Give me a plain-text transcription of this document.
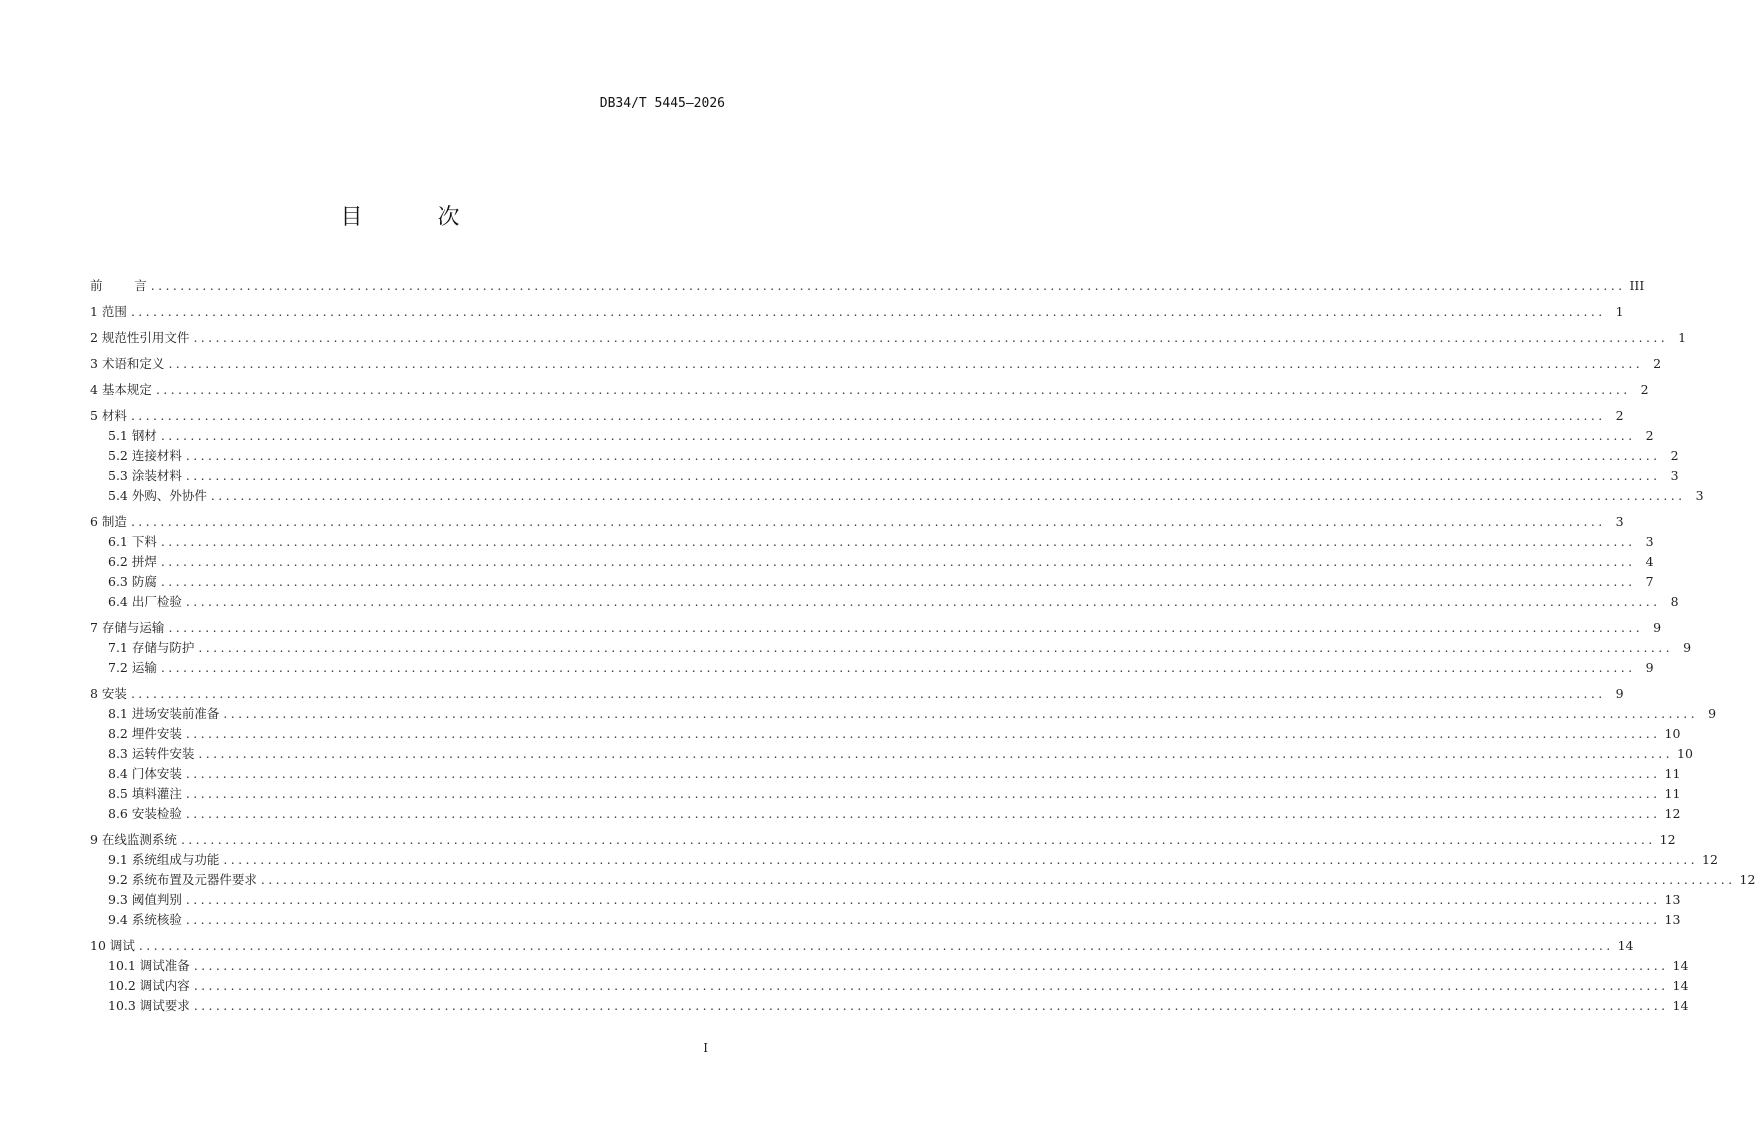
DB34/T 5445—2026
目 次
前        言 ........................................................................................................................................................................................................ III
1 范围 ........................................................................................................................................................................................................ 1
2 规范性引用文件 ........................................................................................................................................................................................................ 1
3 术语和定义 ........................................................................................................................................................................................................ 2
4 基本规定 ........................................................................................................................................................................................................ 2
5 材料 ........................................................................................................................................................................................................ 2
5.1 钢材 ........................................................................................................................................................................................................ 2
5.2 连接材料 ........................................................................................................................................................................................................ 2
5.3 涂装材料 ........................................................................................................................................................................................................ 3
5.4 外购、外协件 ........................................................................................................................................................................................................ 3
6 制造 ........................................................................................................................................................................................................ 3
6.1 下料 ........................................................................................................................................................................................................ 3
6.2 拼焊 ........................................................................................................................................................................................................ 4
6.3 防腐 ........................................................................................................................................................................................................ 7
6.4 出厂检验 ........................................................................................................................................................................................................ 8
7 存储与运输 ........................................................................................................................................................................................................ 9
7.1 存储与防护 ........................................................................................................................................................................................................ 9
7.2 运输 ........................................................................................................................................................................................................ 9
8 安装 ........................................................................................................................................................................................................ 9
8.1 进场安装前准备 ........................................................................................................................................................................................................ 9
8.2 埋件安装 ........................................................................................................................................................................................................ 10
8.3 运转件安装 ........................................................................................................................................................................................................ 10
8.4 门体安装 ........................................................................................................................................................................................................ 11
8.5 填料灌注 ........................................................................................................................................................................................................ 11
8.6 安装检验 ........................................................................................................................................................................................................ 12
9 在线监测系统 ........................................................................................................................................................................................................ 12
9.1 系统组成与功能 ........................................................................................................................................................................................................ 12
9.2 系统布置及元器件要求 ........................................................................................................................................................................................................ 12
9.3 阈值判别 ........................................................................................................................................................................................................ 13
9.4 系统核验 ........................................................................................................................................................................................................ 13
10 调试 ........................................................................................................................................................................................................ 14
10.1 调试准备 ........................................................................................................................................................................................................ 14
10.2 调试内容 ........................................................................................................................................................................................................ 14
10.3 调试要求 ........................................................................................................................................................................................................ 14
I
